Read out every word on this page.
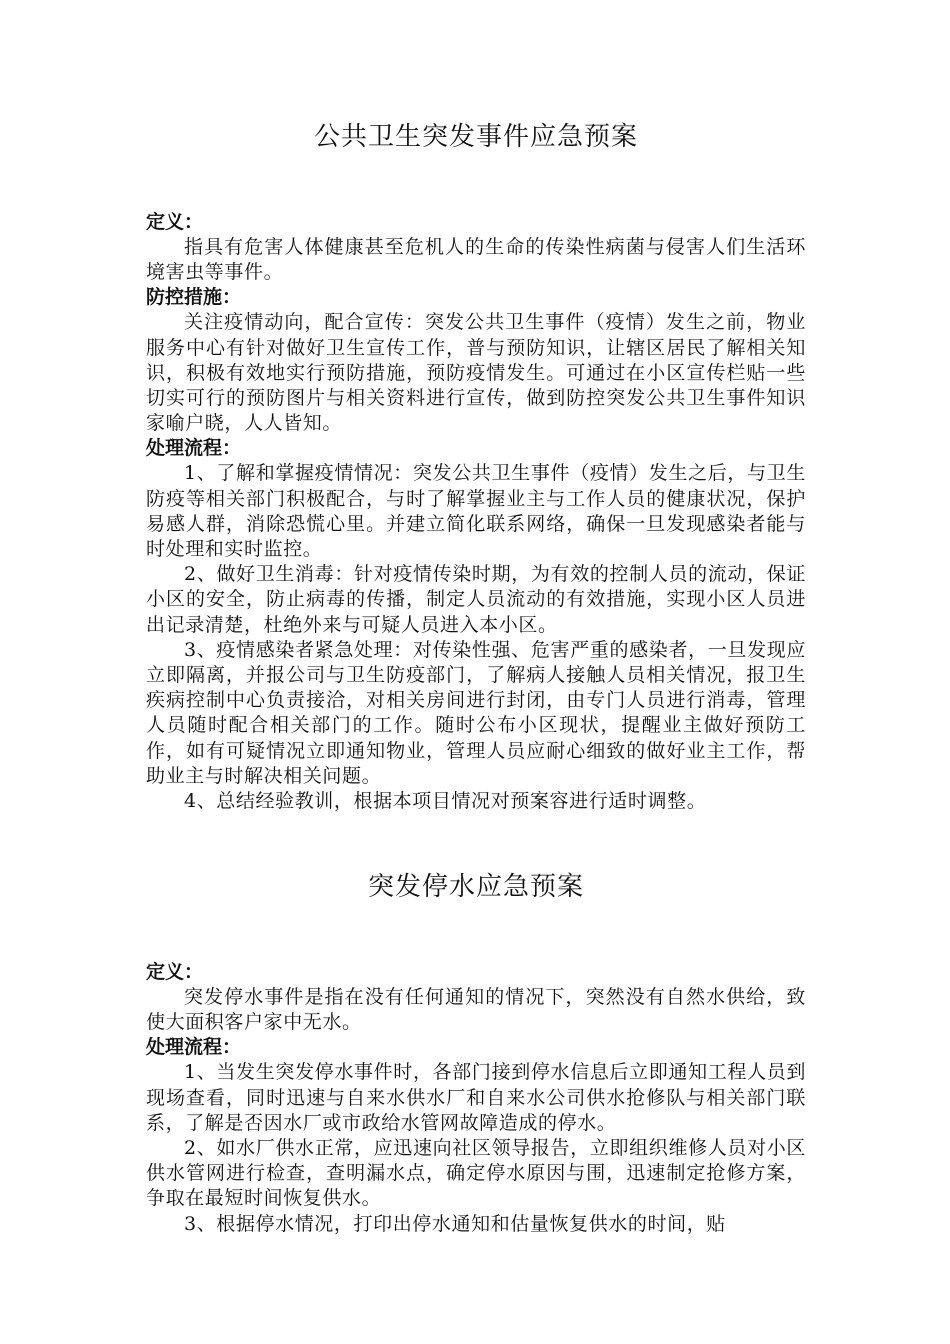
公共卫生突发事件应急预案

定义：

指具有危害人体健康甚至危机人的生命的传染性病菌与侵害人们生活环境害虫等事件。

防控措施：

关注疫情动向，配合宣传：突发公共卫生事件（疫情）发生之前，物业服务中心有针对做好卫生宣传工作，普与预防知识，让辖区居民了解相关知识，积极有效地实行预防措施，预防疫情发生。可通过在小区宣传栏贴一些切实可行的预防图片与相关资料进行宣传，做到防控突发公共卫生事件知识家喻户晓，人人皆知。

处理流程：

1、了解和掌握疫情情况：突发公共卫生事件（疫情）发生之后，与卫生防疫等相关部门积极配合，与时了解掌握业主与工作人员的健康状况，保护易感人群，消除恐慌心里。并建立简化联系网络，确保一旦发现感染者能与时处理和实时监控。

2、做好卫生消毒：针对疫情传染时期，为有效的控制人员的流动，保证小区的安全，防止病毒的传播，制定人员流动的有效措施，实现小区人员进出记录清楚，杜绝外来与可疑人员进入本小区。

3、疫情感染者紧急处理：对传染性强、危害严重的感染者，一旦发现应立即隔离，并报公司与卫生防疫部门，了解病人接触人员相关情况，报卫生疾病控制中心负责接洽，对相关房间进行封闭，由专门人员进行消毒，管理人员随时配合相关部门的工作。随时公布小区现状，提醒业主做好预防工作，如有可疑情况立即通知物业，管理人员应耐心细致的做好业主工作，帮助业主与时解决相关问题。

4、总结经验教训，根据本项目情况对预案容进行适时调整。

突发停水应急预案

定义：

突发停水事件是指在没有任何通知的情况下，突然没有自然水供给，致使大面积客户家中无水。

处理流程：

1、当发生突发停水事件时，各部门接到停水信息后立即通知工程人员到现场查看，同时迅速与自来水供水厂和自来水公司供水抢修队与相关部门联系，了解是否因水厂或市政给水管网故障造成的停水。

2、如水厂供水正常，应迅速向社区领导报告，立即组织维修人员对小区供水管网进行检查，查明漏水点，确定停水原因与围，迅速制定抢修方案，争取在最短时间恢复供水。

3、根据停水情况，打印出停水通知和估量恢复供水的时间，贴
